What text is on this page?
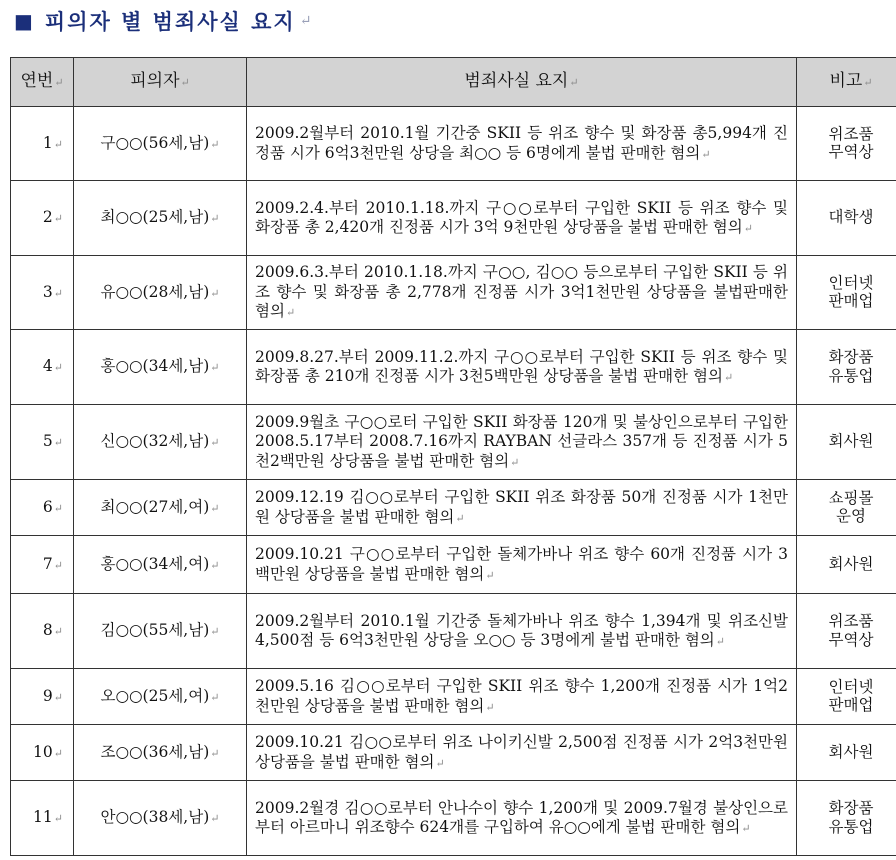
■ 피의자 별 범죄사실 요지 ↵
연번↵	피의자↵	범죄사실 요지↵	비고↵
1↵	구○○(56세,남)↵	2009.2월부터 2010.1월 기간중 SKII 등 위조 향수 및 화장품 총5,994개 진정품 시가 6억3천만원 상당을 최○○ 등 6명에게 불법 판매한 혐의↵	위조품 무역상
2↵	최○○(25세,남)↵	2009.2.4.부터 2010.1.18.까지 구○○로부터 구입한 SKII 등 위조 향수 및 화장품 총 2,420개 진정품 시가 3억 9천만원 상당품을 불법 판매한 혐의↵	대학생
3↵	유○○(28세,남)↵	2009.6.3.부터 2010.1.18.까지 구○○, 김○○ 등으로부터 구입한 SKII 등 위조 향수 및 화장품 총 2,778개 진정품 시가 3억1천만원 상당품을 불법판매한 혐의↵	인터넷 판매업
4↵	홍○○(34세,남)↵	2009.8.27.부터 2009.11.2.까지 구○○로부터 구입한 SKII 등 위조 향수 및 화장품 총 210개 진정품 시가 3천5백만원 상당품을 불법 판매한 혐의↵	화장품 유통업
5↵	신○○(32세,남)↵	2009.9월초 구○○로터 구입한 SKII 화장품 120개 및 불상인으로부터 구입한 2008.5.17부터 2008.7.16까지 RAYBAN 선글라스 357개 등 진정품 시가 5천2백만원 상당품을 불법 판매한 혐의↵	회사원
6↵	최○○(27세,여)↵	2009.12.19 김○○로부터 구입한 SKII 위조 화장품 50개 진정품 시가 1천만원 상당품을 불법 판매한 혐의↵	쇼핑몰 운영
7↵	홍○○(34세,여)↵	2009.10.21 구○○로부터 구입한 돌체가바나 위조 향수 60개 진정품 시가 3백만원 상당품을 불법 판매한 혐의↵	회사원
8↵	김○○(55세,남)↵	2009.2월부터 2010.1월 기간중 돌체가바나 위조 향수 1,394개 및 위조신발 4,500점 등 6억3천만원 상당을 오○○ 등 3명에게 불법 판매한 혐의↵	위조품 무역상
9↵	오○○(25세,여)↵	2009.5.16 김○○로부터 구입한 SKII 위조 향수 1,200개 진정품 시가 1억2천만원 상당품을 불법 판매한 혐의↵	인터넷 판매업
10↵	조○○(36세,남)↵	2009.10.21 김○○로부터 위조 나이키신발 2,500점 진정품 시가 2억3천만원 상당품을 불법 판매한 혐의↵	회사원
11↵	안○○(38세,남)↵	2009.2월경 김○○로부터 안나수이 향수 1,200개 및 2009.7월경 불상인으로부터 아르마니 위조향수 624개를 구입하여 유○○에게 불법 판매한 혐의↵	화장품 유통업
